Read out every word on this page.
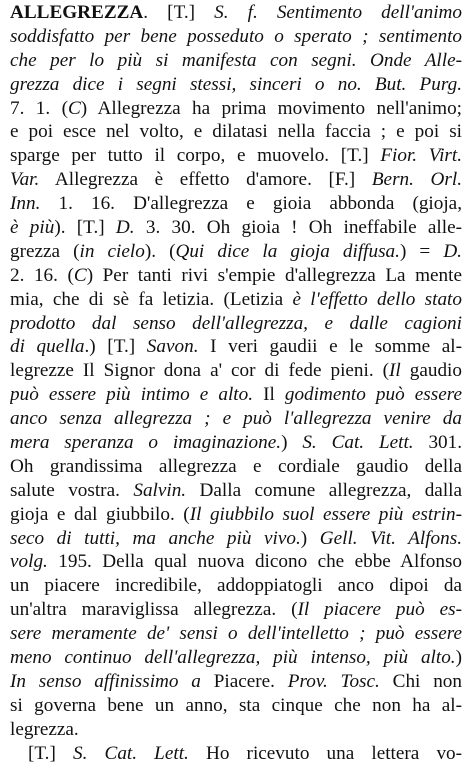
ALLEGREZZA. [T.] S. f. Sentimento dell'animo
soddisfatto per bene posseduto o sperato ; sentimento
che per lo più si manifesta con segni. Onde Alle-
grezza dice i segni stessi, sinceri o no. But. Purg.
7. 1. (C) Allegrezza ha prima movimento nell'animo;
e poi esce nel volto, e dilatasi nella faccia ; e poi si
sparge per tutto il corpo, e muovelo. [T.] Fior. Virt.
Var. Allegrezza è effetto d'amore. [F.] Bern. Orl.
Inn. 1. 16. D'allegrezza e gioia abbonda (gioja,
è più). [T.] D. 3. 30. Oh gioia ! Oh ineffabile alle-
grezza (in cielo). (Qui dice la gioja diffusa.) = D.
2. 16. (C) Per tanti rivi s'empie d'allegrezza La mente
mia, che di sè fa letizia. (Letizia è l'effetto dello stato
prodotto dal senso dell'allegrezza, e dalle cagioni
di quella.) [T.] Savon. I veri gaudii e le somme al-
legrezze Il Signor dona a' cor di fede pieni. (Il gaudio
può essere più intimo e alto. Il godimento può essere
anco senza allegrezza ; e può l'allegrezza venire da
mera speranza o imaginazione.) S. Cat. Lett. 301.
Oh grandissima allegrezza e cordiale gaudio della
salute vostra. Salvin. Dalla comune allegrezza, dalla
gioja e dal giubbilo. (Il giubbilo suol essere più estrin-
seco di tutti, ma anche più vivo.) Gell. Vit. Alfons.
volg. 195. Della qual nuova dicono che ebbe Alfonso
un piacere incredibile, addoppiatogli anco dipoi da
un'altra maraviglissa allegrezza. (Il piacere può es-
sere meramente de' sensi o dell'intelletto ; può essere
meno continuo dell'allegrezza, più intenso, più alto.)
In senso affinissimo a Piacere. Prov. Tosc. Chi non
si governa bene un anno, sta cinque che non ha al-
legrezza.
[T.] S. Cat. Lett. Ho ricevuto una lettera vo-
